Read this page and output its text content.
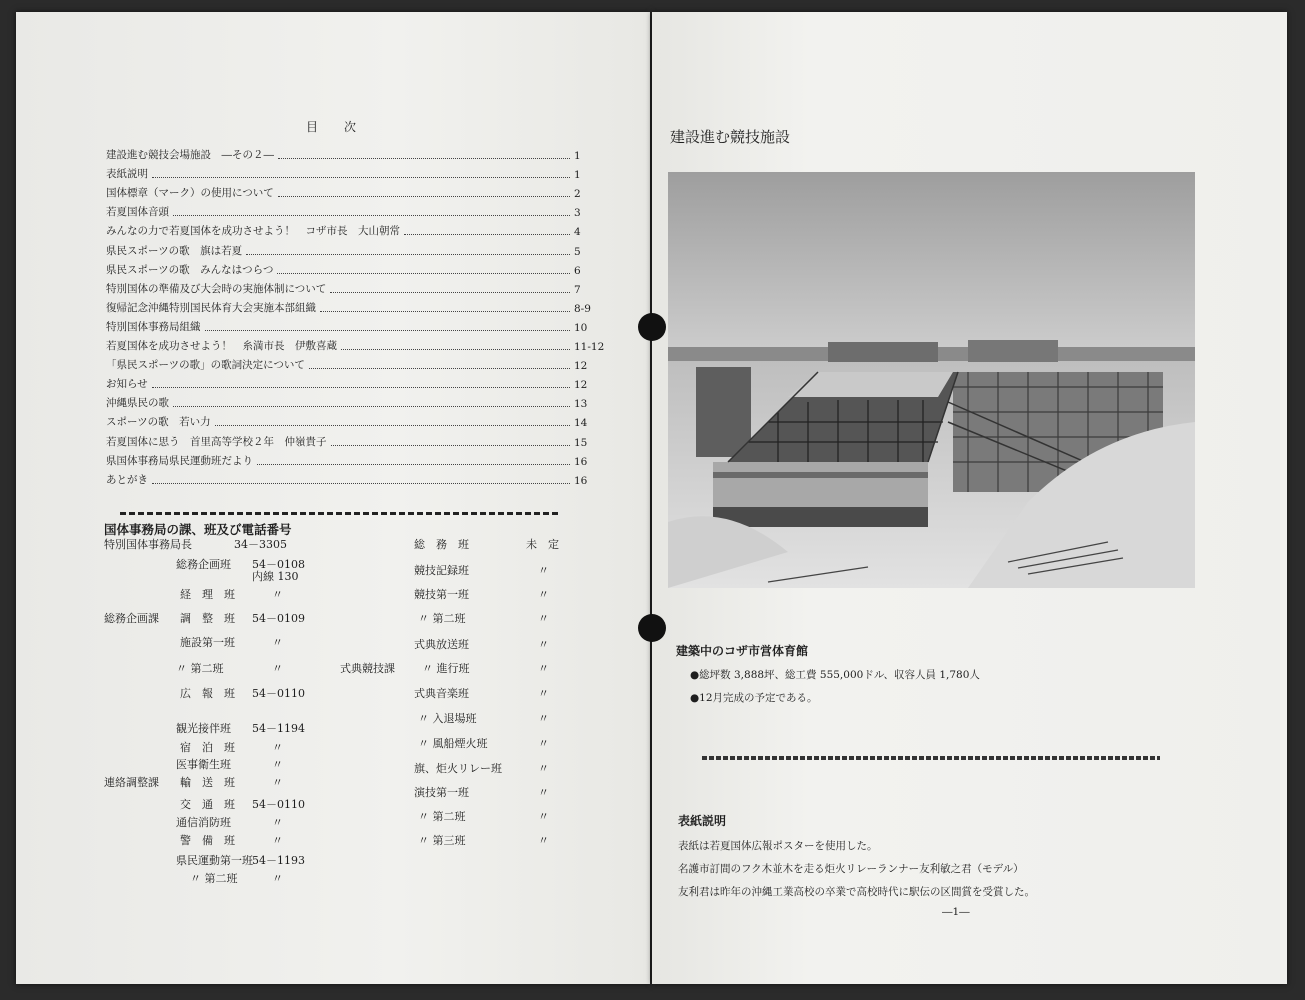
目次
建設進む競技会場施設　―その２―	1
表紙説明	1
国体標章（マーク）の使用について	2
若夏国体音頭	3
みんなの力で若夏国体を成功させよう！　コザ市長　大山朝常	4
県民スポーツの歌　旗は若夏	5
県民スポーツの歌　みんなはつらつ	6
特別国体の準備及び大会時の実施体制について	7
復帰記念沖縄特別国民体育大会実施本部組織	8-9
特別国体事務局組織	10
若夏国体を成功させよう！　糸満市長　伊敷喜蔵	11-12
「県民スポーツの歌」の歌詞決定について	12
お知らせ	12
沖縄県民の歌	13
スポーツの歌　若い力	14
若夏国体に思う　首里高等学校２年　仲嶺貴子	15
県国体事務局県民運動班だより	16
あとがき	16
国体事務局の課、班及び電話番号
特別国体事務局長	34－3305
総務企画班 54－0108
内線 130
経　理　班	〃
総務企画課 調　整　班 54－0109
施設第一班	〃
〃 第二班	〃
広　報　班 54－0110
観光接伴班 54－1194
宿　泊　班	〃
医事衛生班	〃
連絡調整課 輸　送　班	〃
交　通　班 54－0110
通信消防班	〃
警　備　班	〃
県民運動第一班 54－1193
〃 第二班	〃
総　務　班	未　定
競技記録班	〃
競技第一班	〃
〃 第二班	〃
式典放送班	〃
式典競技課 〃 進行班	〃
式典音楽班	〃
〃 入退場班	〃
〃 風船煙火班	〃
旗、炬火リレー班	〃
演技第一班	〃
〃 第二班	〃
〃 第三班	〃
建設進む競技施設
建築中のコザ市営体育館
●総坪数 3,888坪、総工費 555,000ドル、収容人員 1,780人
●12月完成の予定である。
表紙説明
表紙は若夏国体広報ポスターを使用した。
名護市訂間のフク木並木を走る炬火リレーランナー友利敏之君（モデル）
友利君は昨年の沖縄工業高校の卒業で高校時代に駅伝の区間賞を受賞した。
―1―
